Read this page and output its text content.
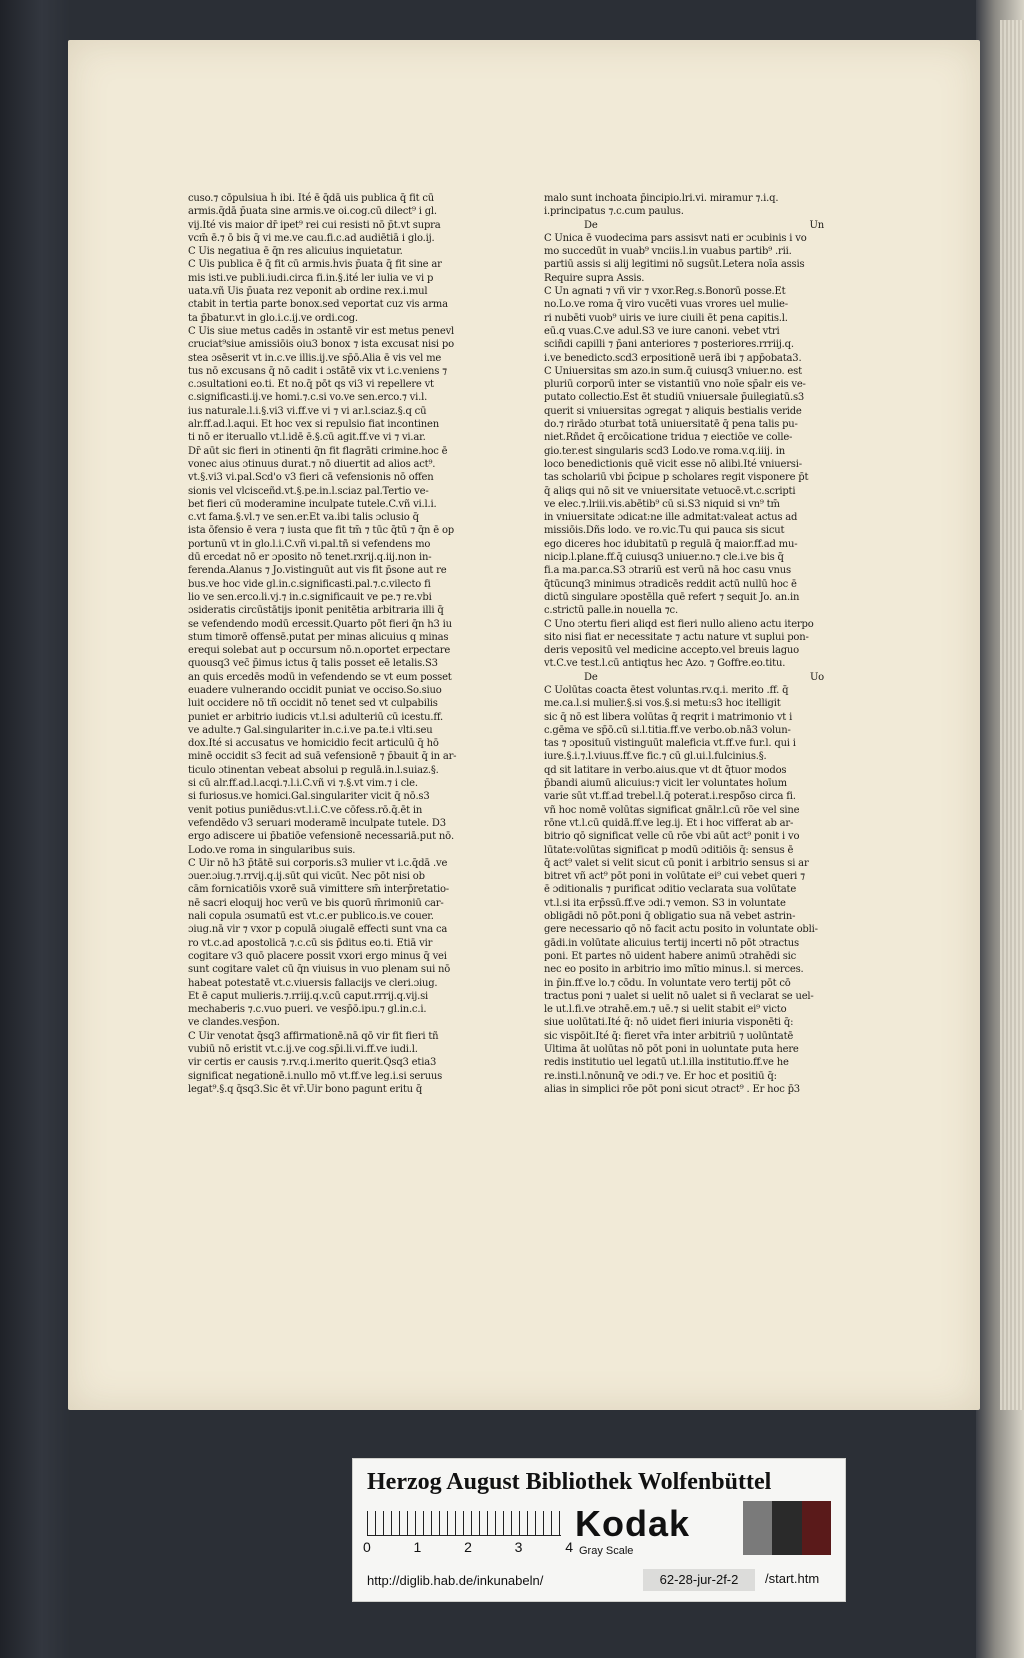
cuso.⁊ cōpulsiua h̄ ibi. Ité ē q̄dā uis publica q̄ fit cū
armis.q̄dā p̄uata sine armis.ve oi.cog.cū dilect⁹ i gl.
vij.Ité vis maior dr̄ ipet⁹ rei cui resisti nō p̄t.vt supra
vcm̄ ē.⁊ ō bis q̄ vi me.ve cau.fi.c.ad audiētiā i glo.ij.
C Uis negatiua ē q̄n res alicuius inquietatur.
C Uis publica ē q̄ fit cū armis.h̄vis p̄uata q̄ fit sine ar
mis isti.ve publi.iudi.circa fi.in.§.ité ler iulia ve vi p
uata.vñ Uis p̄uata rez veponit ab ordine rex.i.mul
ctabit in tertia parte bonox.sed veportat cuz vis arma
ta p̄batur.vt in glo.i.c.ij.ve ordi.cog.
C Uis siue metus cadēs in ɔstantē vir est metus penevl
cruciat⁹siue amissiōis oiu3 bonox ⁊ ista excusat nisi po
stea ɔsēserit vt in.c.ve illis.ij.ve sp̄ō.Alia ē vis vel me
tus nō excusans q̄ nō cadit i ɔstātē vix vt i.c.veniens ⁊
c.ɔsultationi eo.ti. Et no.q̄ pōt qs vi3 vi repellere vt
c.significasti.ij.ve homi.⁊.c.si vo.ve sen.erco.⁊ vi.l.
ius naturale.l.i.§.vi3 vi.ff.ve vi ⁊ vi ar.l.sciaz.§.q cū
alr.ff.ad.l.aqui. Et hoc vex si repulsio fiat incontinen
ti nō er iteruallo vt.l.idē ē.§.cū agit.ff.ve vi ⁊ vi.ar.
Dr̄ aūt sic fieri in ɔtinenti q̄n fit flagrāti crimine.hoc ē
vonec aius ɔtinuus durat.⁊ nō diuertit ad alios act⁹.
vt.§.vi3 vi.pal.Scd'o v3 fieri cā vefensionis nō offen
sionis vel vlcisceñd.vt.§.pe.in.l.sciaz pal.Tertio ve-
bet fieri cū moderamine inculpate tutele.C.vñ vi.l.i.
c.vt fama.§.vl.⁊ ve sen.er.Et va.ibi talis ɔclusio q̄
ista ōfensio ē vera ⁊ iusta que fit tm̄ ⁊ tūc q̄tū ⁊ q̄n ē op
portunū vt in glo.l.i.C.vñ vi.pal.tñ si vefendens mo
dū ercedat nō er ɔposito nō tenet.rxrij.q.iij.non in-
ferenda.Alanus ⁊ Jo.vistinguūt aut vis fit p̄sone aut re
bus.ve hoc vide gl.in.c.significasti.pal.⁊.c.vilecto fi
lio ve sen.erco.li.vj.⁊ in.c.significauit ve pe.⁊ re.vbi
ɔsideratis circūstātijs iponit penitētia arbitraria illi q̄
se vefendendo modū ercessit.Quarto pōt fieri q̄n h3 iu
stum timorē offensē.putat per minas alicuius q minas
erequi solebat aut p occursum nō.n.oportet erpectare
quousq3 vec̄ p̄imus ictus q̄ talis posset eē letalis.S3
an quis ercedēs modū in vefendendo se vt eum posset
euadere vulnerando occidit puniat ve occiso.So.siuo
luit occidere nō tñ occidit nō tenet sed vt culpabilis
puniet er arbitrio iudicis vt.l.si adulteriū cū icestu.ff.
ve adulte.⁊ Gal.singulariter in.c.i.ve pa.te.i vlti.seu
dox.Ité si accusatus ve homicidio fecit articulū q̄ hō
minē occidit s3 fecit ad suā vefensionē ⁊ p̄bauit q̄ in ar-
ticulo ɔtinentan vebeat absolui p regulā.in.l.suiaz.§.
si cū alr.ff.ad.l.acqi.⁊.l.i.C.vñ vi ⁊.§.vt vim.⁊ i cle.
si furiosus.ve homici.Gal.singulariter vicit q̄ nō.s3
venit potius puniēdus:vt.l.i.C.ve cōfess.rō.q̄.ēt in
vefendēdo v3 seruari moderamē inculpate tutele. D3
ergo adiscere ui p̄batiōe vefensionē necessariā.put nō.
Lodo.ve roma in singularibus suis.
C Uir nō h3 p̄tātē sui corporis.s3 mulier vt i.c.q̄dā .ve
ɔuer.ɔiug.⁊.rrvij.q.ij.sūt qui vicūt. Nec pōt nisi ob
cām fornicatiōis vxorē suā vimittere sm̄ interp̄retatio-
nē sacri eloquij hoc verū ve bis quorū m̄rimoniū car-
nali copula ɔsumatū est vt.c.er publico.is.ve couer.
ɔiug.nā vir ⁊ vxor p copulā ɔiugalē effecti sunt vna ca
ro vt.c.ad apostolicā ⁊.c.cū sis p̄ditus eo.ti. Etiā vir
cogitare v3 quō placere possit vxori ergo minus q̄ vei
sunt cogitare valet cū q̄n viuisus in vuo plenam sui nō
habeat potestatē vt.c.viuersis fallacijs ve cleri.ɔiug.
Et ē caput mulieris.⁊.rriij.q.v.cū caput.rrrij.q.vij.si
mechaberis ⁊.c.vuo pueri. ve vesp̄ō.ipu.⁊ gl.in.c.i.
ve clandes.vesp̄on.
C Uir venotat q̄sq3 affirmationē.nā qō vir fit fieri tñ
vubiū nō eristit vt.c.ij.ve cog.sp̄i.li.vi.ff.ve iudi.l.
vir certis er causis ⁊.rv.q.i.merito querit.Q̄sq3 etia3
significat negationē.i.nullo mō vt.ff.ve leg.i.si seruus
legat⁹.§.q q̄sq3.Sic ēt vr̄.Uir bono pagunt eritu q̄
malo sunt inchoata p̄incipio.lri.vi. miramur ⁊.i.q.
i.principatus ⁊.c.cum paulus.
De	Un
C Unica ē vuodecima pars assisvt nati er ɔcubinis i vo
mo succedūt in vuab⁹ vnciis.l.in vuabus partib⁹ .rii.
partiū assis si alij legitimi nō sugsūt.Letera noīa assis
Require supra Assis.
C Un agnati ⁊ vñ vir ⁊ vxor.Reg.s.Bonorū posse.Et
no.Lo.ve roma q̄ viro vucēti vuas vrores uel mulie-
ri nubēti vuob⁹ uiris ve iure ciuili ēt pena capitis.l.
eū.q vuas.C.ve adul.S3 ve iure canoni. vebet vtri
sciñdi capilli ⁊ p̄ani anteriores ⁊ posteriores.rrriij.q.
i.ve benedicto.scd3 erpositionē uerā ibi ⁊ app̄obata3.
C Uniuersitas sm azo.in sum.q̄ cuiusq3 vniuer.no. est
pluriū corporū inter se vistantiū vno noīe sp̄alr eis ve-
putato collectio.Est ēt studiū vniuersale p̄uilegiatū.s3
querit si vniuersitas ɔgregat ⁊ aliquis bestialis veride
do.⁊ rirādo ɔturbat totā uniuersitatē q̄ pena talis pu-
niet.Rñdet q̄ ercōicatione tridua ⁊ eiectiōe ve colle-
gio.ter.est singularis scd3 Lodo.ve roma.v.q.iiij. in
loco benedictionis quē vicit esse nō alibi.Ité vniuersi-
tas scholariū vbi p̄cipue p scholares regit visponere p̄t
q̄ aliqs qui nō sit ve vniuersitate vetuocē.vt.c.scripti
ve elec.⁊.lriii.vis.abētib⁹ cū si.S3 niquid si vn⁹ tm̄
in vniuersitate ɔdicat:ne ille admitat:valeat actus ad
missiōis.Dñs lodo. ve ro.vic.Tu qui pauca sis sicut
ego diceres hoc idubitatū p regulā q̄ maior.ff.ad mu-
nicip.l.plane.ff.q̄ cuiusq3 uniuer.no.⁊ cle.i.ve bis q̄
fi.a ma.par.ca.S3 ɔtrariū est verū nā hoc casu vnus
q̄tūcunq3 minimus ɔtradicēs reddit actū nullū hoc ē
dictū singulare ɔpostēlla quē refert ⁊ sequit Jo. an.in
c.strictū palle.in nouella ⁊c.
C Uno ɔtertu fieri aliqd est fieri nullo alieno actu iterpo
sito nisi fiat er necessitate ⁊ actu nature vt suplui pon-
deris vepositū vel medicine accepto.vel breuis laguo
vt.C.ve test.l.cū antiqtus hec Azo. ⁊ Goffre.eo.titu.
De	Uo
C Uolūtas coacta ētest voluntas.rv.q.i. merito .ff. q̄
me.ca.l.si mulier.§.si vos.§.si metu:s3 hoc itelligit
sic q̄ nō est libera volūtas q̄ reqrit i matrimonio vt i
c.gēma ve sp̄ō.cū si.l.titia.ff.ve verbo.ob.nā3 volun-
tas ⁊ ɔposituū vistinguūt maleficia vt.ff.ve fur.l. qui i
iure.§.i.⁊.l.viuus.ff.ve fic.⁊ cū gl.ui.l.fulcinius.§.
qd sit latitare in verbo.aius.que vt dt q̄tuor modos
p̄bandi aiumū alicuius:⁊ vicit ler voluntates hoīum
varie sūt vt.ff.ad trebel.l.q̄ poterat.i.respō̄so circa fi.
vñ hoc nomē volūtas significat gnālr.l.cū rōe vel sine
rōne vt.l.cū quidā.ff.ve leg.ij. Et i hoc vifferat ab ar-
bitrio qō significat velle cū rōe vbi aūt act⁹ ponit i vo
lūtate:volūtas significat p modū ɔditiōis q̄: sensus ē
q̄ act⁹ valet si velit sicut cū ponit i arbitrio sensus si ar
bitret vñ act⁹ pōt poni in volūtate ei⁹ cui vebet queri ⁊
ē ɔditionalis ⁊ purificat ɔditio veclarata sua volūtate
vt.l.si ita erp̄ssū.ff.ve ɔdi.⁊ vemon. S3 in voluntate
obligādi nō pōt.poni q̄ obligatio sua nā vebet astrin-
gere necessario qō nō facit actu posito in voluntate obli-
gādi.in volūtate alicuius tertij incerti nō pōt ɔtractus
poni. Et partes nō uident habere animū ɔtrahēdi sic
nec eo posito in arbitrio imo mītio minus.l. si merces.
in p̄in.ff.ve lo.⁊ cōdu. In voluntate vero tertij pōt cō
tractus poni ⁊ ualet si uelit nō ualet si ñ veclarat se uel-
le ut.l.fi.ve ɔtrahē.em.⁊ uē.⁊ si uelit stabit ei⁹ victo
siue uolūtati.Ité q̄: nō uidet fieri iniuria visponēti q̄:
sic vispōit.Ité q̄: fieret vr̄a inter arbitriū ⁊ uolūntatē
Ultima āt uolūtas nō pōt poni in uoluntate puta here
redis institutio uel legatū ut.l.illa institutio.ff.ve he
re.insti.l.nōnunq̄ ve ɔdi.⁊ ve. Er hoc et positiū q̄:
alias in simplici rōe pōt poni sicut ɔtract⁹ . Er hoc p̄3
Herzog August Bibliothek Wolfenbüttel
0	1	2	3	4
Kodak
Gray Scale
http://diglib.hab.de/inkunabeln/	62-28-jur-2f-2	/start.htm
